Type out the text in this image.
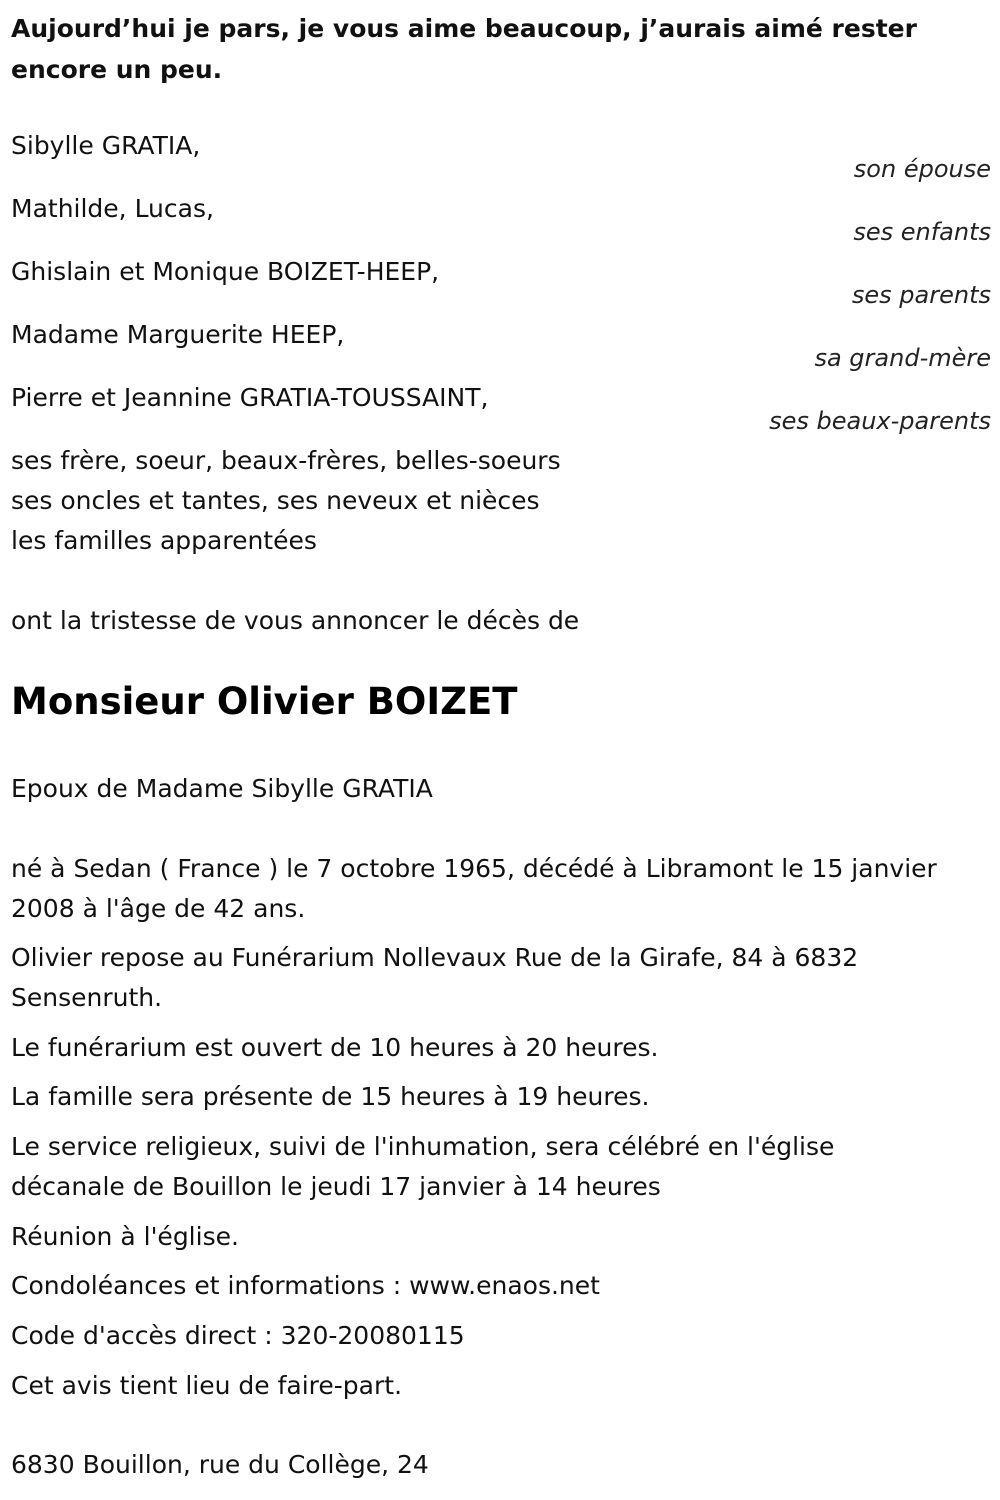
Aujourd’hui je pars, je vous aime beaucoup, j’aurais aimé rester encore un peu.

Sibylle GRATIA,
son épouse
Mathilde, Lucas,
ses enfants
Ghislain et Monique BOIZET-HEEP,
ses parents
Madame Marguerite HEEP,
sa grand-mère
Pierre et Jeannine GRATIA-TOUSSAINT,
ses beaux-parents
ses frère, soeur, beaux-frères, belles-soeurs
ses oncles et tantes, ses neveux et nièces
les familles apparentées
ont la tristesse de vous annoncer le décès de
Monsieur Olivier BOIZET
Epoux de Madame Sibylle GRATIA
né à Sedan ( France ) le 7 octobre 1965, décédé à Libramont le 15 janvier 2008 à l'âge de 42 ans.
Olivier repose au Funérarium Nollevaux Rue de la Girafe, 84 à 6832 Sensenruth.
Le funérarium est ouvert de 10 heures à 20 heures.
La famille sera présente de 15 heures à 19 heures.
Le service religieux, suivi de l'inhumation, sera célébré en l'église décanale de Bouillon le jeudi 17 janvier à 14 heures
Réunion à l'église.
Condoléances et informations : www.enaos.net
Code d'accès direct : 320-20080115
Cet avis tient lieu de faire-part.
6830 Bouillon, rue du Collège, 24
